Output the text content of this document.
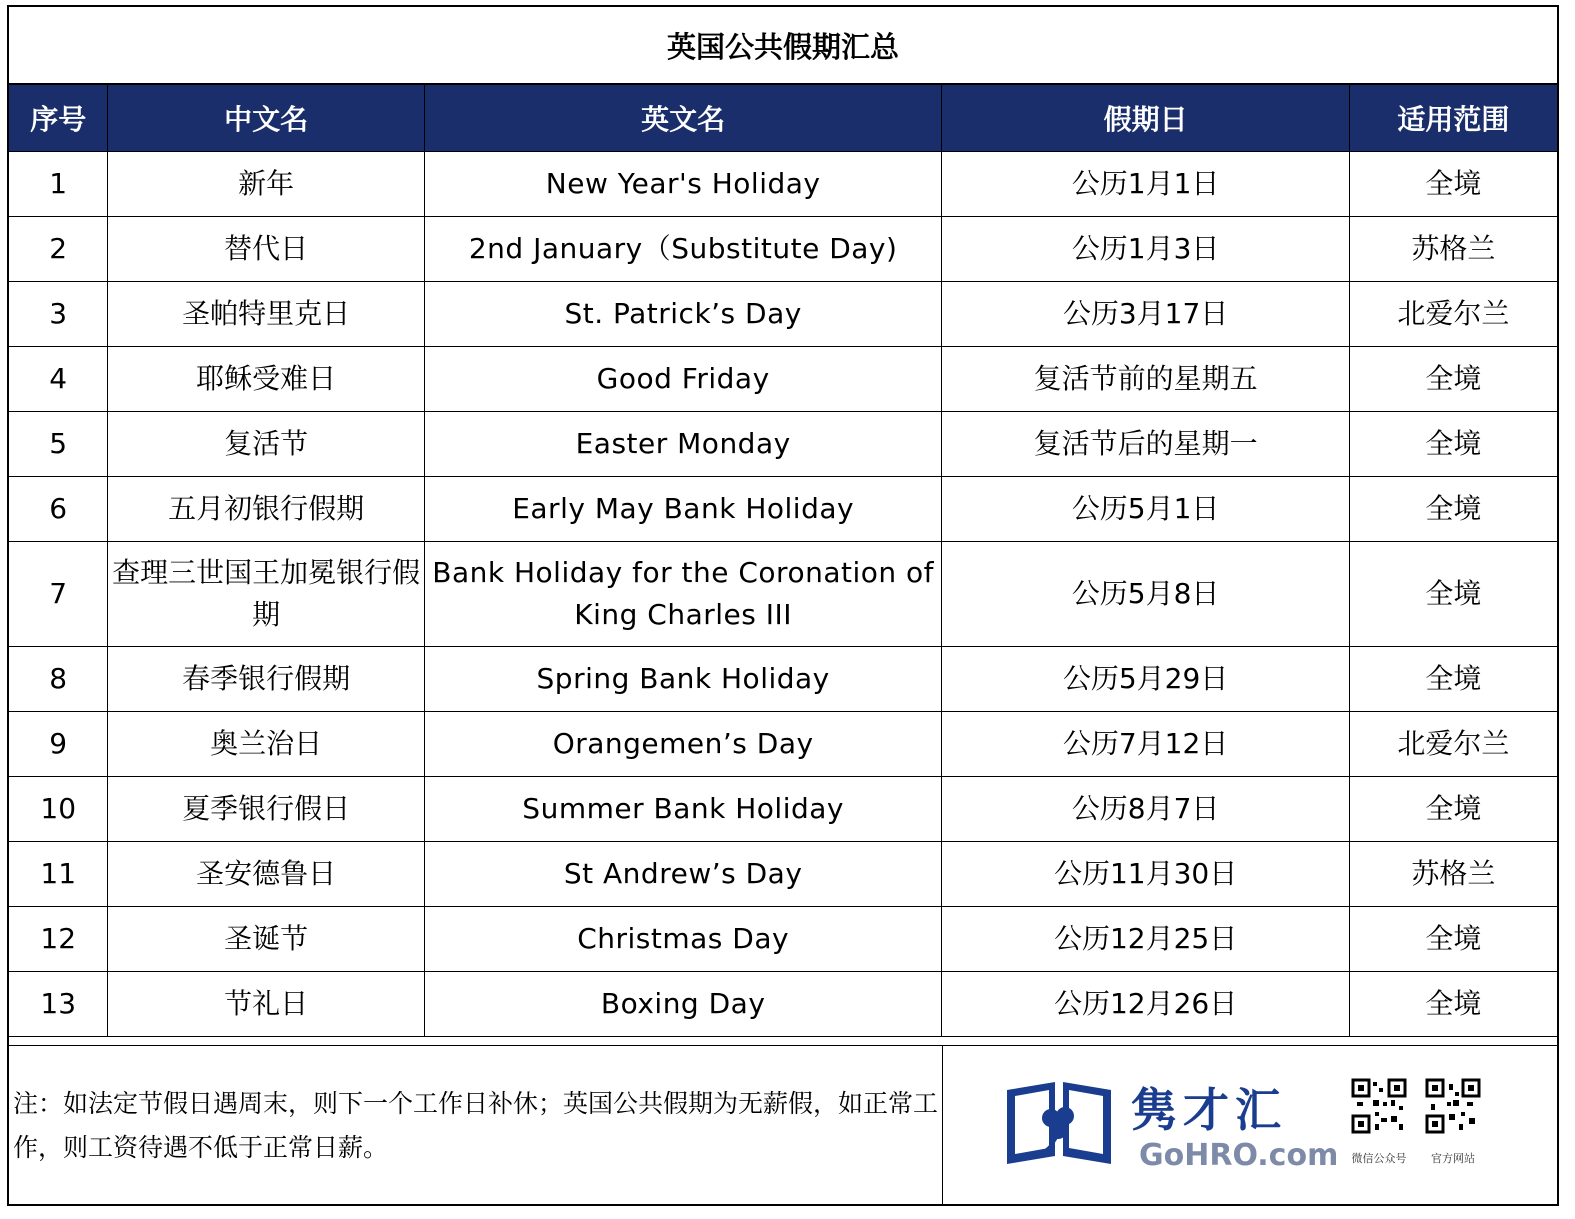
英国公共假期汇总
序号	中文名	英文名	假期日	适用范围
1	新年	New Year's Holiday	公历1月1日	全境
2	替代日	2nd January（Substitute Day)	公历1月3日	苏格兰
3	圣帕特里克日	St. Patrick’s Day	公历3月17日	北爱尔兰
4	耶稣受难日	Good Friday	复活节前的星期五	全境
5	复活节	Easter Monday	复活节后的星期一	全境
6	五月初银行假期	Early May Bank Holiday	公历5月1日	全境
7	查理三世国王加冕银行假期	Bank Holiday for the Coronation of King Charles III	公历5月8日	全境
8	春季银行假期	Spring Bank Holiday	公历5月29日	全境
9	奥兰治日	Orangemen’s Day	公历7月12日	北爱尔兰
10	夏季银行假日	Summer Bank Holiday	公历8月7日	全境
11	圣安德鲁日	St Andrew’s Day	公历11月30日	苏格兰
12	圣诞节	Christmas Day	公历12月25日	全境
13	节礼日	Boxing Day	公历12月26日	全境
注：如法定节假日遇周末，则下一个工作日补休；英国公共假期为无薪假，如正常工作，则工资待遇不低于正常日薪。
隽才汇
GoHRO.com	微信公众号	官方网站
